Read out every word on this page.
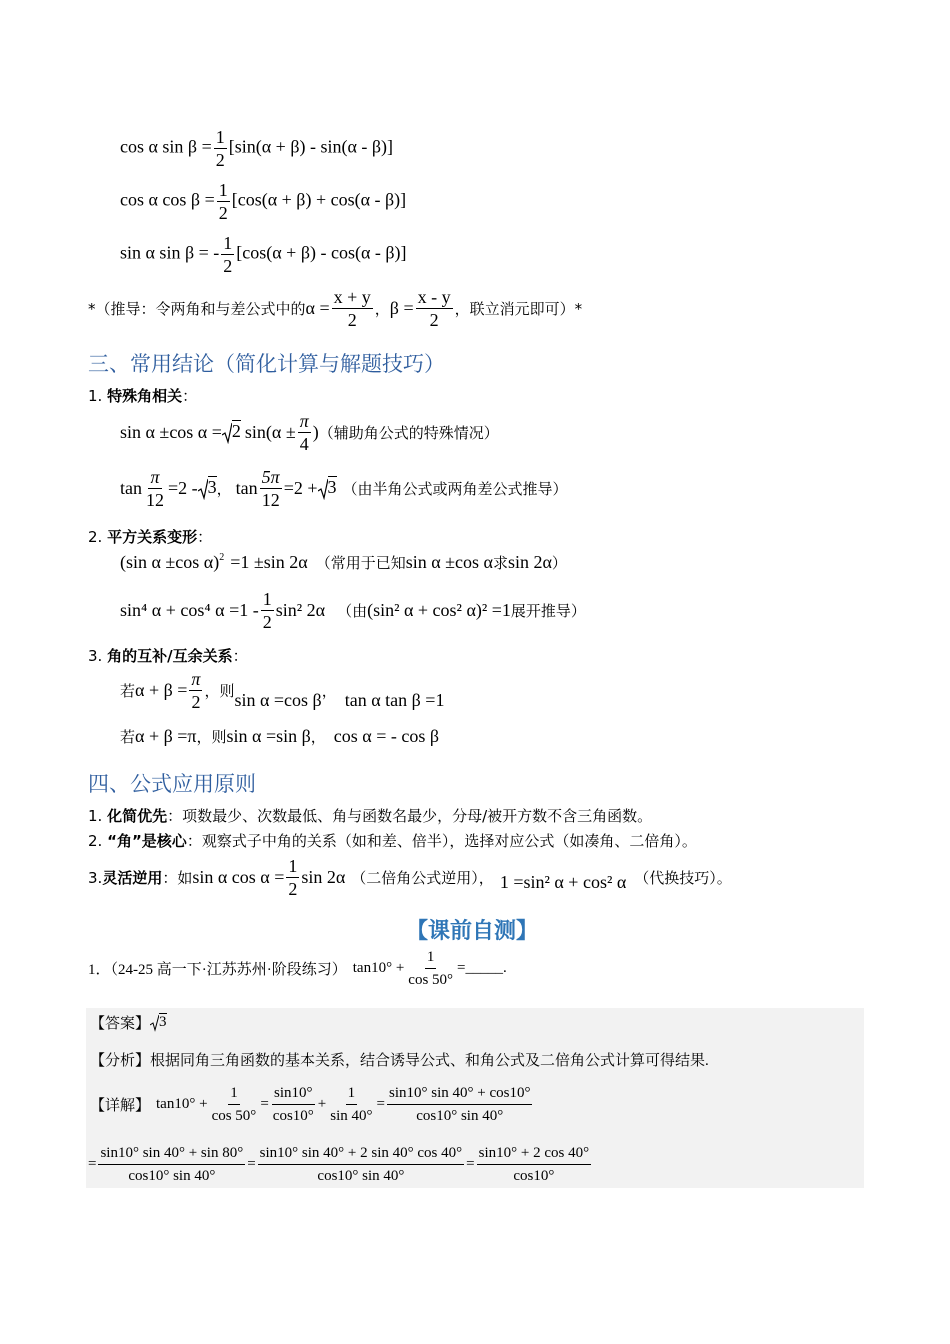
cos α $\sin \beta = \frac{1}{2} [\sin(\alpha + \beta) - \sin(\alpha - \beta)]$
cos α $\cos \beta = \frac{1}{2} [\cos(\alpha + \beta) + \cos(\alpha - \beta)]$
sin α sin β = - $\frac{1}{2} [\cos(\alpha + \beta) - \cos(\alpha - \beta)]$
*（推导：令两角和与差公式中的 $\alpha = \frac{x + y}{2}$ ， $\beta = \frac{x - y}{2}$ ，联立消元即可）*
三、常用结论（简化计算与解题技巧）
1. 特殊角相关：
sin α ±cos α = 2 $\sin(\alpha \pm \frac{\pi}{4}$ ) （辅助角公式的特殊情况）
$\tan \frac{\pi}{12} =2 - 3$ ， $\tan \frac{5\pi}{12} =2 + 3$ （由半角公式或两角差公式推导）
2. 平方关系变形：
(sin α ±cos α) 2 =1 ±sin 2α （常用于已知 sin α ±cos α 求 sin 2α ）
sin⁴ α + cos⁴ $\alpha =1 - \frac{1}{2} \sin^2$ 2α （由 (sin² α + cos² α)² =1 展开推导）
3. 角的互补/互余关系：
若 $\alpha + \beta = \frac{\pi}{2}$ ，则 sin α =cos β ， tan α tan β =1
若 α + β =π ，则 sin α =sin β ， cos α = - cos β
四、公式应用原则
1. 化简优先：项数最少、次数最低、角与函数名最少，分母/被开方数不含三角函数。
2. “角”是核心：观察式子中角的关系（如和差、倍半），选择对应公式（如凑角、二倍角）。
3. 灵活逆用 ：如 sin α $\cos \alpha = \frac{1}{2}$ sin 2α （二倍角公式逆用）， 1 =sin² α + cos² α （代换技巧）。
【课前自测】
1．（24-25 高一下·江苏苏州·阶段练习） $\tan 10^\circ + \frac{1}{\cos 50^\circ}$ =_____.
【答案】 3
【分析】根据同角三角函数的基本关系，结合诱导公式、和角公式及二倍角公式计算可得结果.
【详解】 $\tan 10^\circ + \frac{1}{\cos 50^\circ} = \frac{\sin 10^\circ}{\cos 10^\circ} + \frac{1}{\sin 40^\circ} = \frac{\sin 10^\circ \sin 40^\circ + \cos 10^\circ}{\cos 10^\circ \sin 40^\circ}$
= $\frac{\sin 10^\circ \sin 40^\circ + \sin 80^\circ}{\cos 10^\circ \sin 40^\circ} = \frac{\sin 10^\circ \sin 40^\circ + 2 \sin 40^\circ \cos 40^\circ}{\cos 10^\circ \sin 40^\circ} = \frac{\sin 10^\circ + 2 \cos 40^\circ}{\cos 10^\circ}$
